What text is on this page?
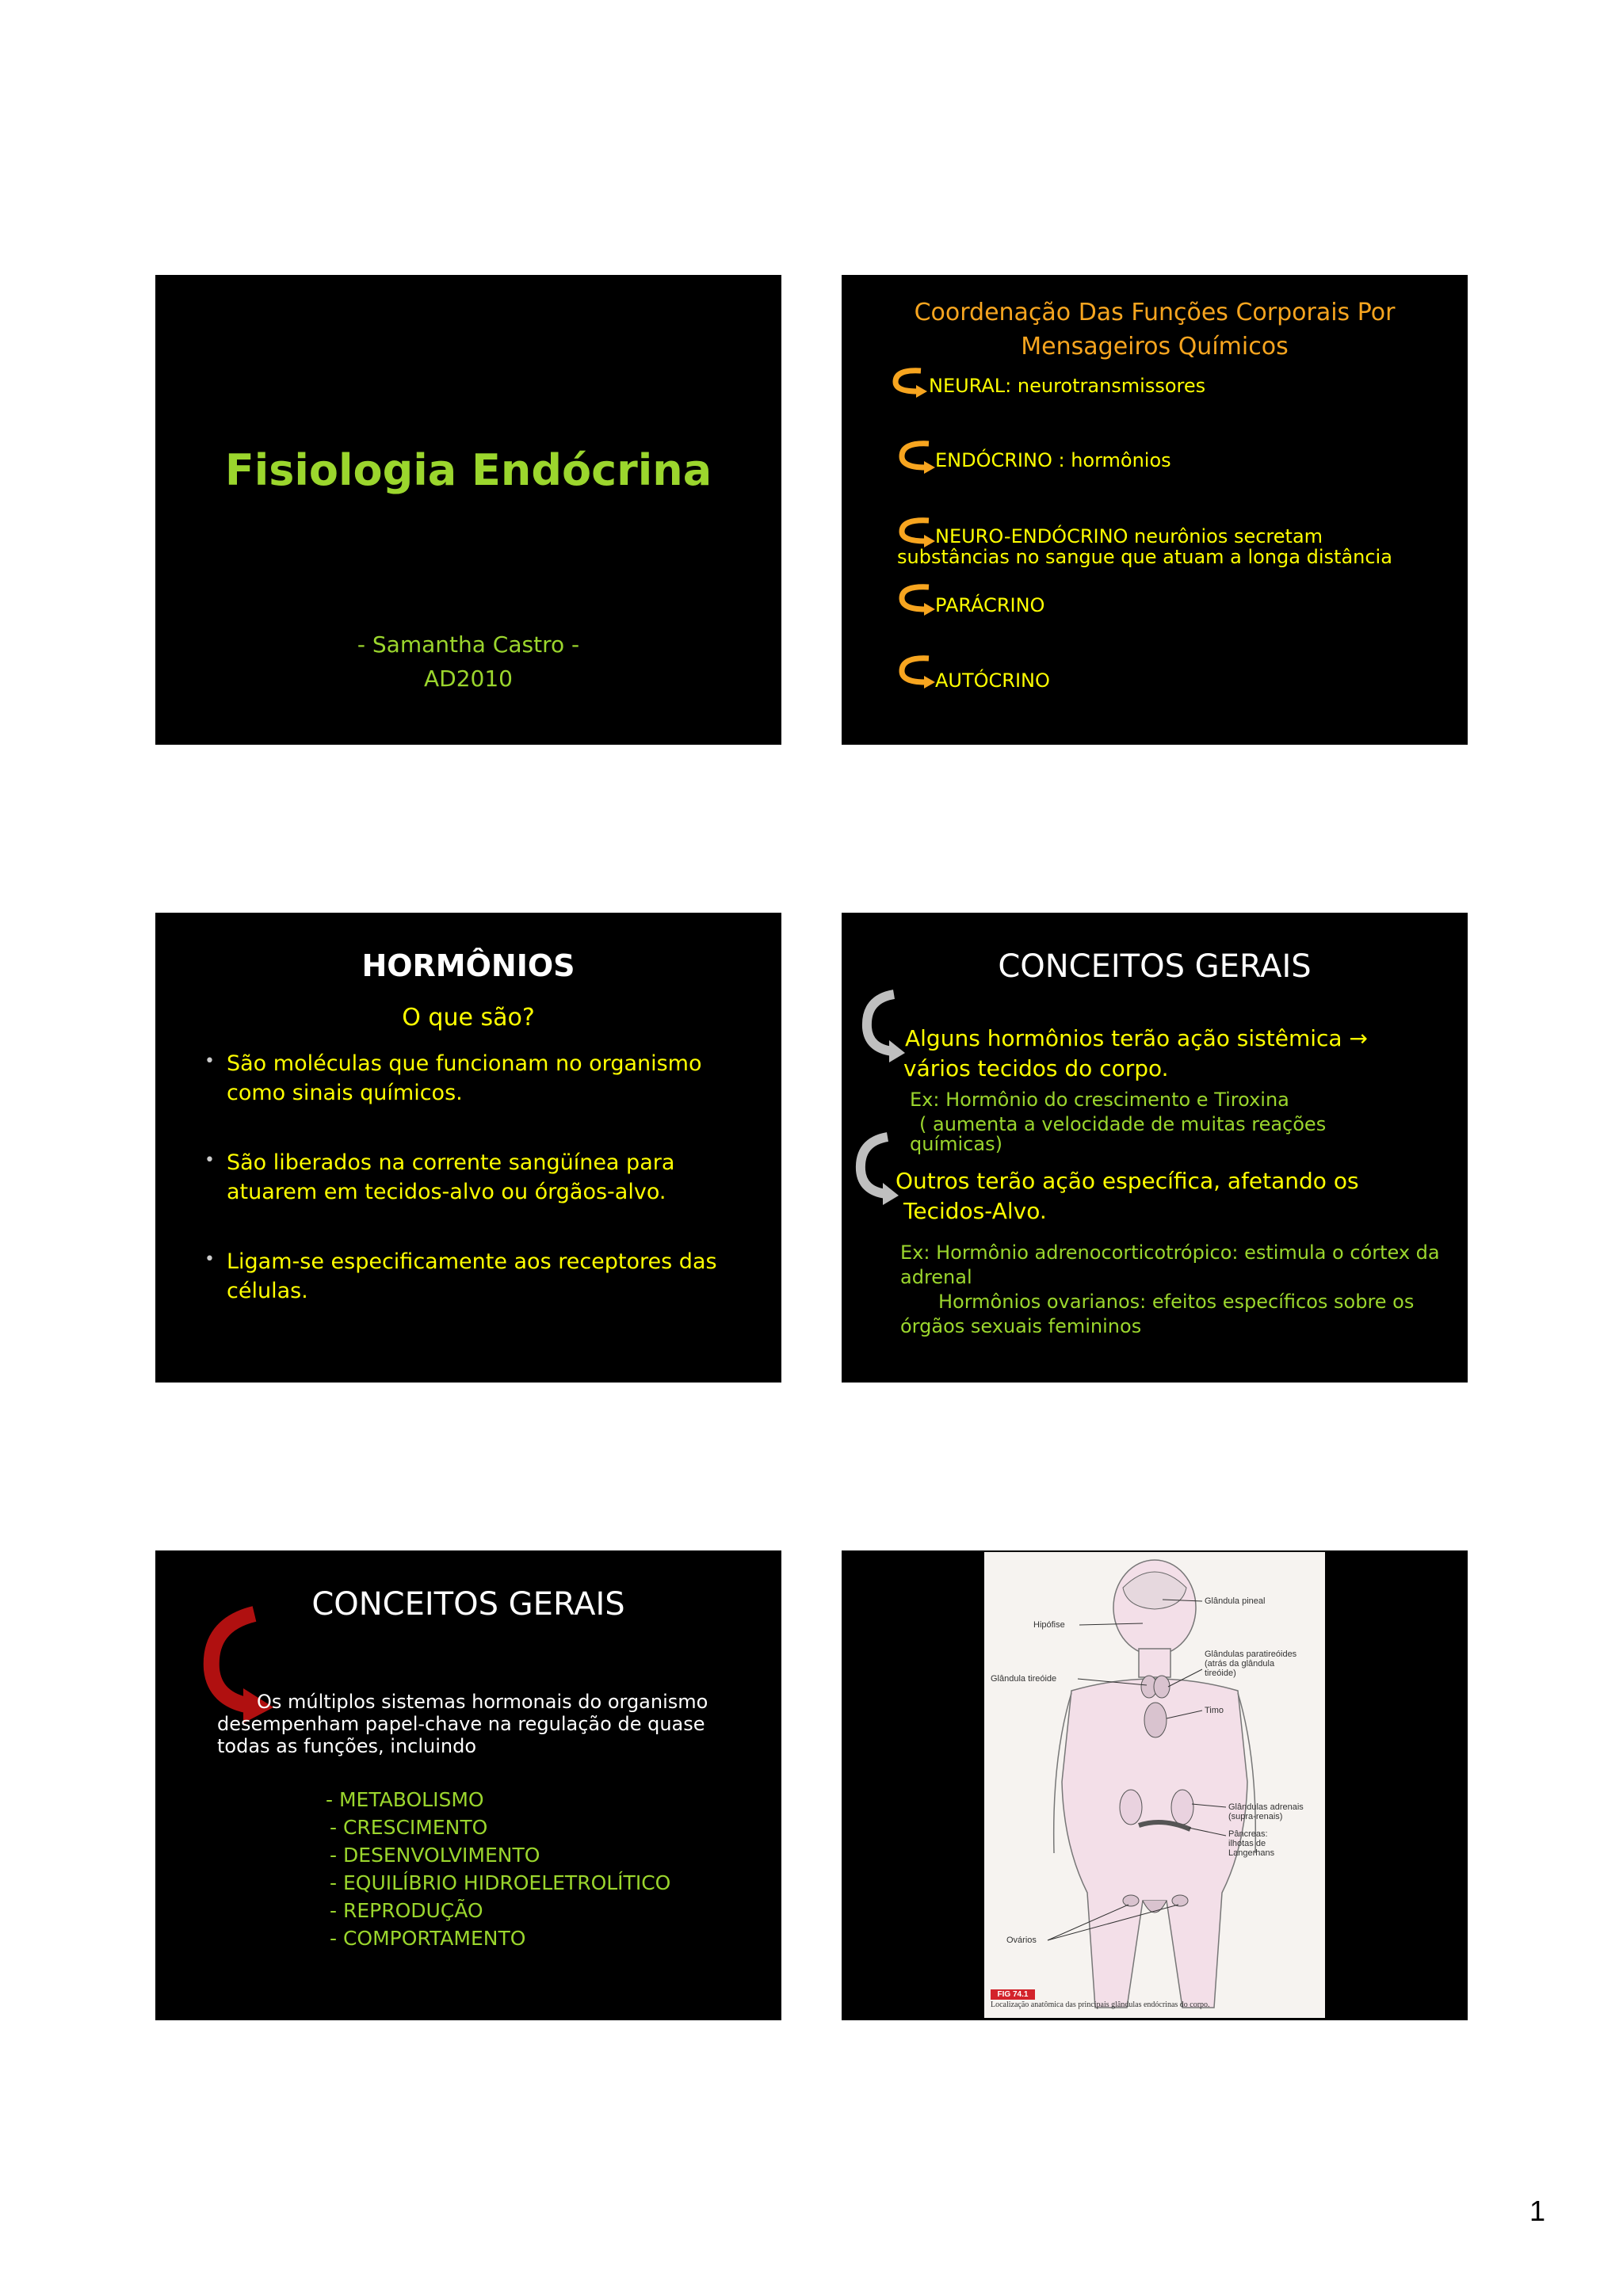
Fisiologia Endócrina
- Samantha Castro -
AD2010
Coordenação Das Funções Corporais Por
Mensageiros Químicos
NEURAL: neurotransmissores
ENDÓCRINO : hormônios
NEURO-ENDÓCRINO neurônios secretam
substâncias no sangue que atuam a longa distância
PARÁCRINO
AUTÓCRINO
HORMÔNIOS
O que são?
• São moléculas que funcionam no organismo
como sinais químicos.
• São liberados na corrente sangüínea para
atuarem em tecidos-alvo ou órgãos-alvo.
• Ligam-se especificamente aos receptores das
células.
CONCEITOS GERAIS
Alguns hormônios terão ação sistêmica →
vários tecidos do corpo.
Ex: Hormônio do crescimento e Tiroxina
( aumenta a velocidade de muitas reações
químicas)
Outros terão ação específica, afetando os
Tecidos-Alvo.
Ex: Hormônio adrenocorticotrópico: estimula o córtex da
adrenal
Hormônios ovarianos: efeitos específicos sobre os
órgãos sexuais femininos
CONCEITOS GERAIS
Os múltiplos sistemas hormonais do organismo
desempenham papel-chave na regulação de quase
todas as funções, incluindo
- METABOLISMO
- CRESCIMENTO
- DESENVOLVIMENTO
- EQUILÍBRIO HIDROELETROLÍTICO
- REPRODUÇÃO
- COMPORTAMENTO
Glândula pineal
Hipófise
Glândulas paratireóides
(atrás da glândula
tireóide)
Glândula tireóide
Timo
Glândulas adrenais
(supra-renais)
Pâncreas:
ilhotas de
Langerhans
Ovários
FIG 74.1
Localização anatômica das principais glândulas endócrinas do corpo.
1
